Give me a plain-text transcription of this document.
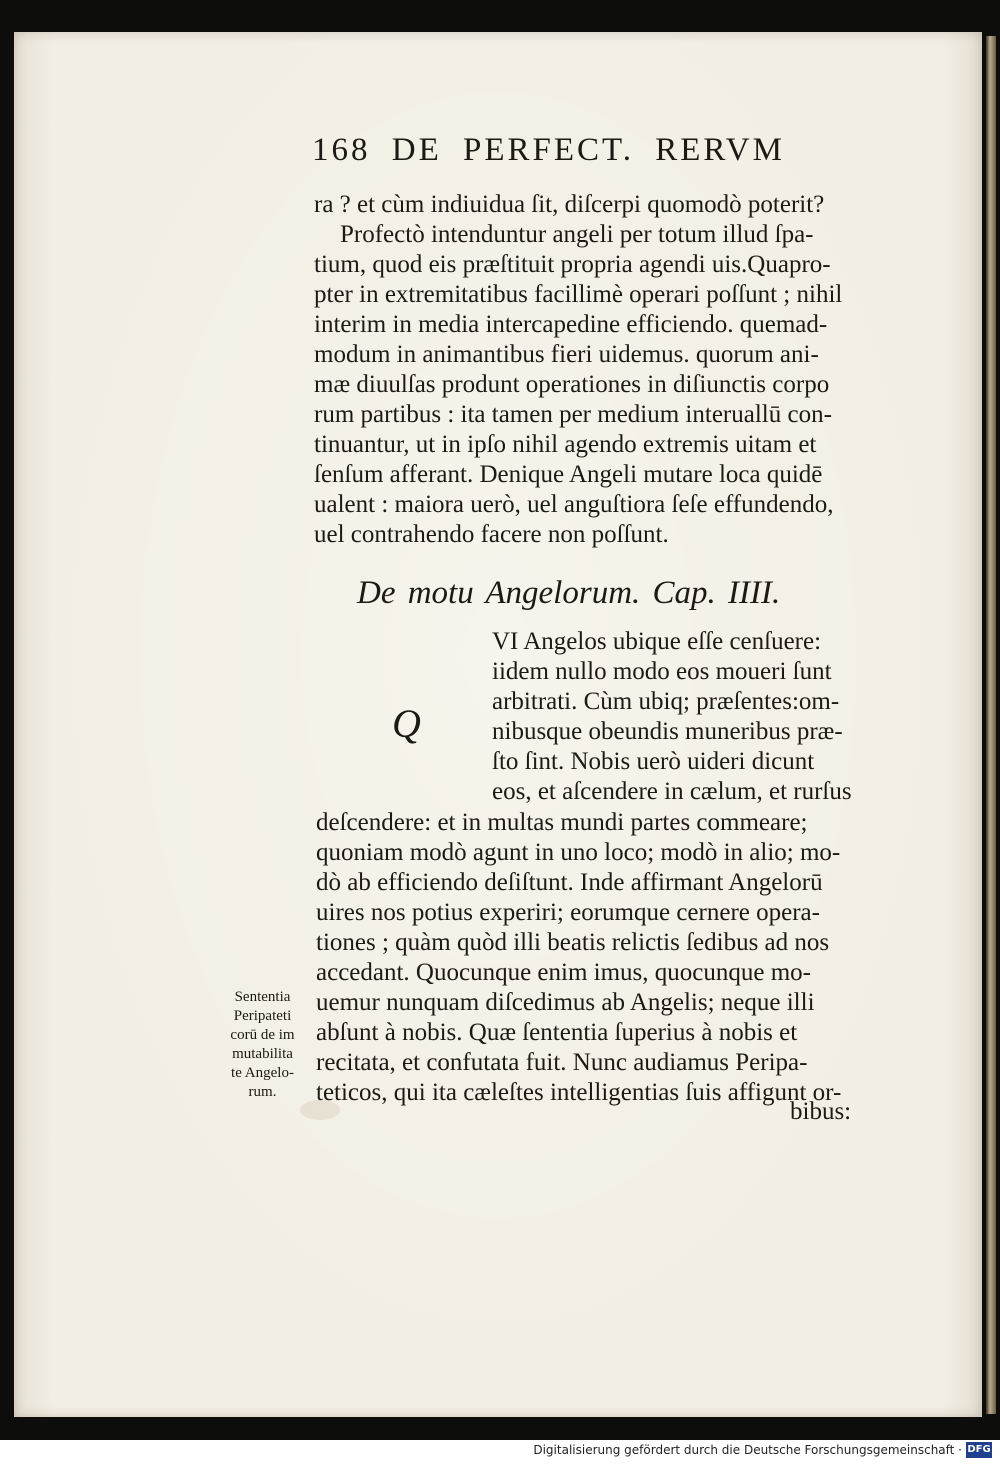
168 DE PERFECT. RERVM
ra ? et cùm indiuidua ſit, diſcerpi quomodò poterit?
Profectò intenduntur angeli per totum illud ſpa-
tium, quod eis præſtituit propria agendi uis.Quapro-
pter in extremitatibus facillimè operari poſſunt ; nihil
interim in media intercapedine efficiendo. quemad-
modum in animantibus fieri uidemus. quorum ani-
mæ diuulſas produnt operationes in diſiunctis corpo
rum partibus : ita tamen per medium interuallū con-
tinuantur, ut in ipſo nihil agendo extremis uitam et
ſenſum afferant. Denique Angeli mutare loca quidē
ualent : maiora uerò, uel anguſtiora ſeſe effundendo,
uel contrahendo facere non poſſunt.
De motu Angelorum. Cap. IIII.
Q
VI Angelos ubique eſſe cenſuere:
iidem nullo modo eos moueri ſunt
arbitrati. Cùm ubiq; præſentes:om-
nibusque obeundis muneribus præ-
ſto ſint. Nobis uerò uideri dicunt
eos, et aſcendere in cælum, et rurſus
deſcendere: et in multas mundi partes commeare;
quoniam modò agunt in uno loco; modò in alio; mo-
dò ab efficiendo deſiſtunt. Inde affirmant Angelorū
uires nos potius experiri; eorumque cernere opera-
tiones ; quàm quòd illi beatis relictis ſedibus ad nos
accedant. Quocunque enim imus, quocunque mo-
uemur nunquam diſcedimus ab Angelis; neque illi
abſunt à nobis. Quæ ſententia ſuperius à nobis et
recitata, et confutata fuit. Nunc audiamus Peripa-
teticos, qui ita cæleſtes intelligentias ſuis affigunt or-
bibus:
Sententia
Peripateti
corū de im
mutabilita
te Angelo-
rum.
Digitalisierung gefördert durch die Deutsche Forschungsgemeinschaft · DFG
